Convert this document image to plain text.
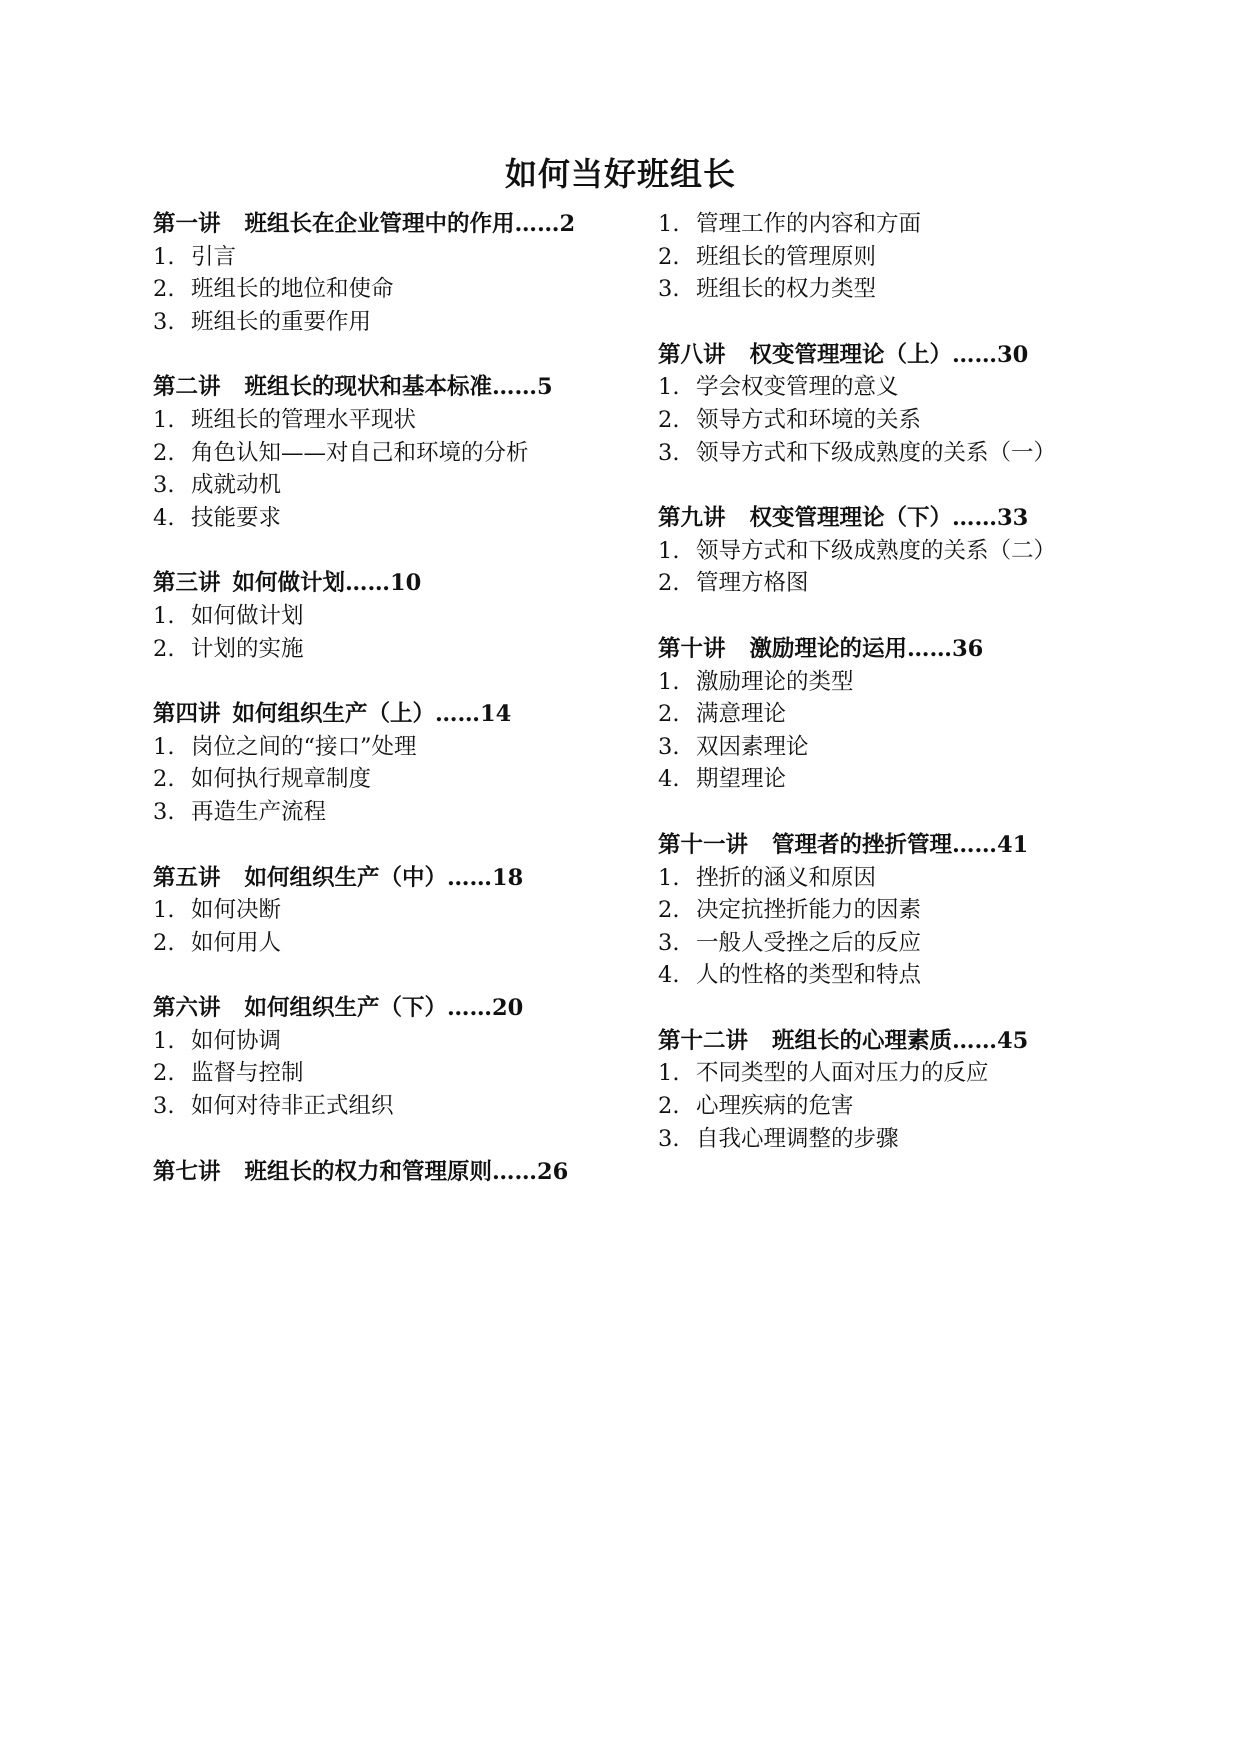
如何当好班组长
第一讲 班组长在企业管理中的作用……2
1. 引言
2. 班组长的地位和使命
3. 班组长的重要作用
第二讲 班组长的现状和基本标准……5
1. 班组长的管理水平现状
2. 角色认知——对自己和环境的分析
3. 成就动机
4. 技能要求
第三讲 如何做计划……10
1. 如何做计划
2. 计划的实施
第四讲 如何组织生产（上）……14
1. 岗位之间的“接口”处理
2. 如何执行规章制度
3. 再造生产流程
第五讲 如何组织生产（中）……18
1. 如何决断
2. 如何用人
第六讲 如何组织生产（下）……20
1. 如何协调
2. 监督与控制
3. 如何对待非正式组织
第七讲 班组长的权力和管理原则……26
1. 管理工作的内容和方面
2. 班组长的管理原则
3. 班组长的权力类型
第八讲 权变管理理论（上）……30
1. 学会权变管理的意义
2. 领导方式和环境的关系
3. 领导方式和下级成熟度的关系（一）
第九讲 权变管理理论（下）……33
1. 领导方式和下级成熟度的关系（二）
2. 管理方格图
第十讲 激励理论的运用……36
1. 激励理论的类型
2. 满意理论
3. 双因素理论
4. 期望理论
第十一讲 管理者的挫折管理……41
1. 挫折的涵义和原因
2. 决定抗挫折能力的因素
3. 一般人受挫之后的反应
4. 人的性格的类型和特点
第十二讲 班组长的心理素质……45
1. 不同类型的人面对压力的反应
2. 心理疾病的危害
3. 自我心理调整的步骤
